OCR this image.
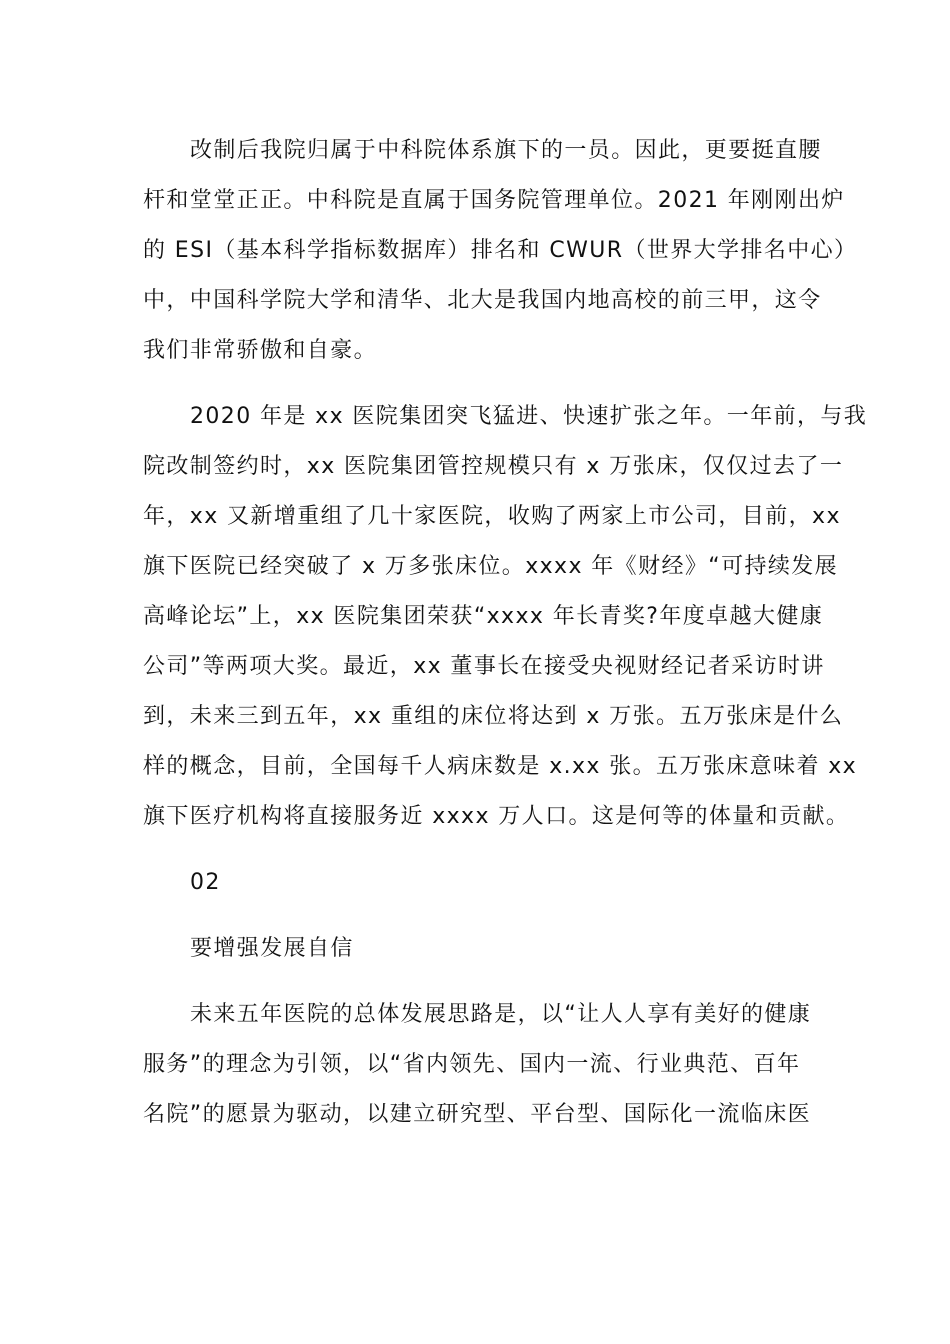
改制后我院归属于中科院体系旗下的一员。因此，更要挺直腰
杆和堂堂正正。中科院是直属于国务院管理单位。2021 年刚刚出炉
的 ESI（基本科学指标数据库）排名和 CWUR（世界大学排名中心）
中，中国科学院大学和清华、北大是我国内地高校的前三甲，这令
我们非常骄傲和自豪。
2020 年是 xx 医院集团突飞猛进、快速扩张之年。一年前，与我
院改制签约时，xx 医院集团管控规模只有 x 万张床，仅仅过去了一
年，xx 又新增重组了几十家医院，收购了两家上市公司，目前，xx
旗下医院已经突破了 x 万多张床位。xxxx 年《财经》“可持续发展
高峰论坛”上，xx 医院集团荣获“xxxx 年长青奖?年度卓越大健康
公司”等两项大奖。最近，xx 董事长在接受央视财经记者采访时讲
到，未来三到五年，xx 重组的床位将达到 x 万张。五万张床是什么
样的概念，目前，全国每千人病床数是 x.xx 张。五万张床意味着 xx
旗下医疗机构将直接服务近 xxxx 万人口。这是何等的体量和贡献。
02
要增强发展自信
未来五年医院的总体发展思路是，以“让人人享有美好的健康
服务”的理念为引领，以“省内领先、国内一流、行业典范、百年
名院”的愿景为驱动，以建立研究型、平台型、国际化一流临床医
